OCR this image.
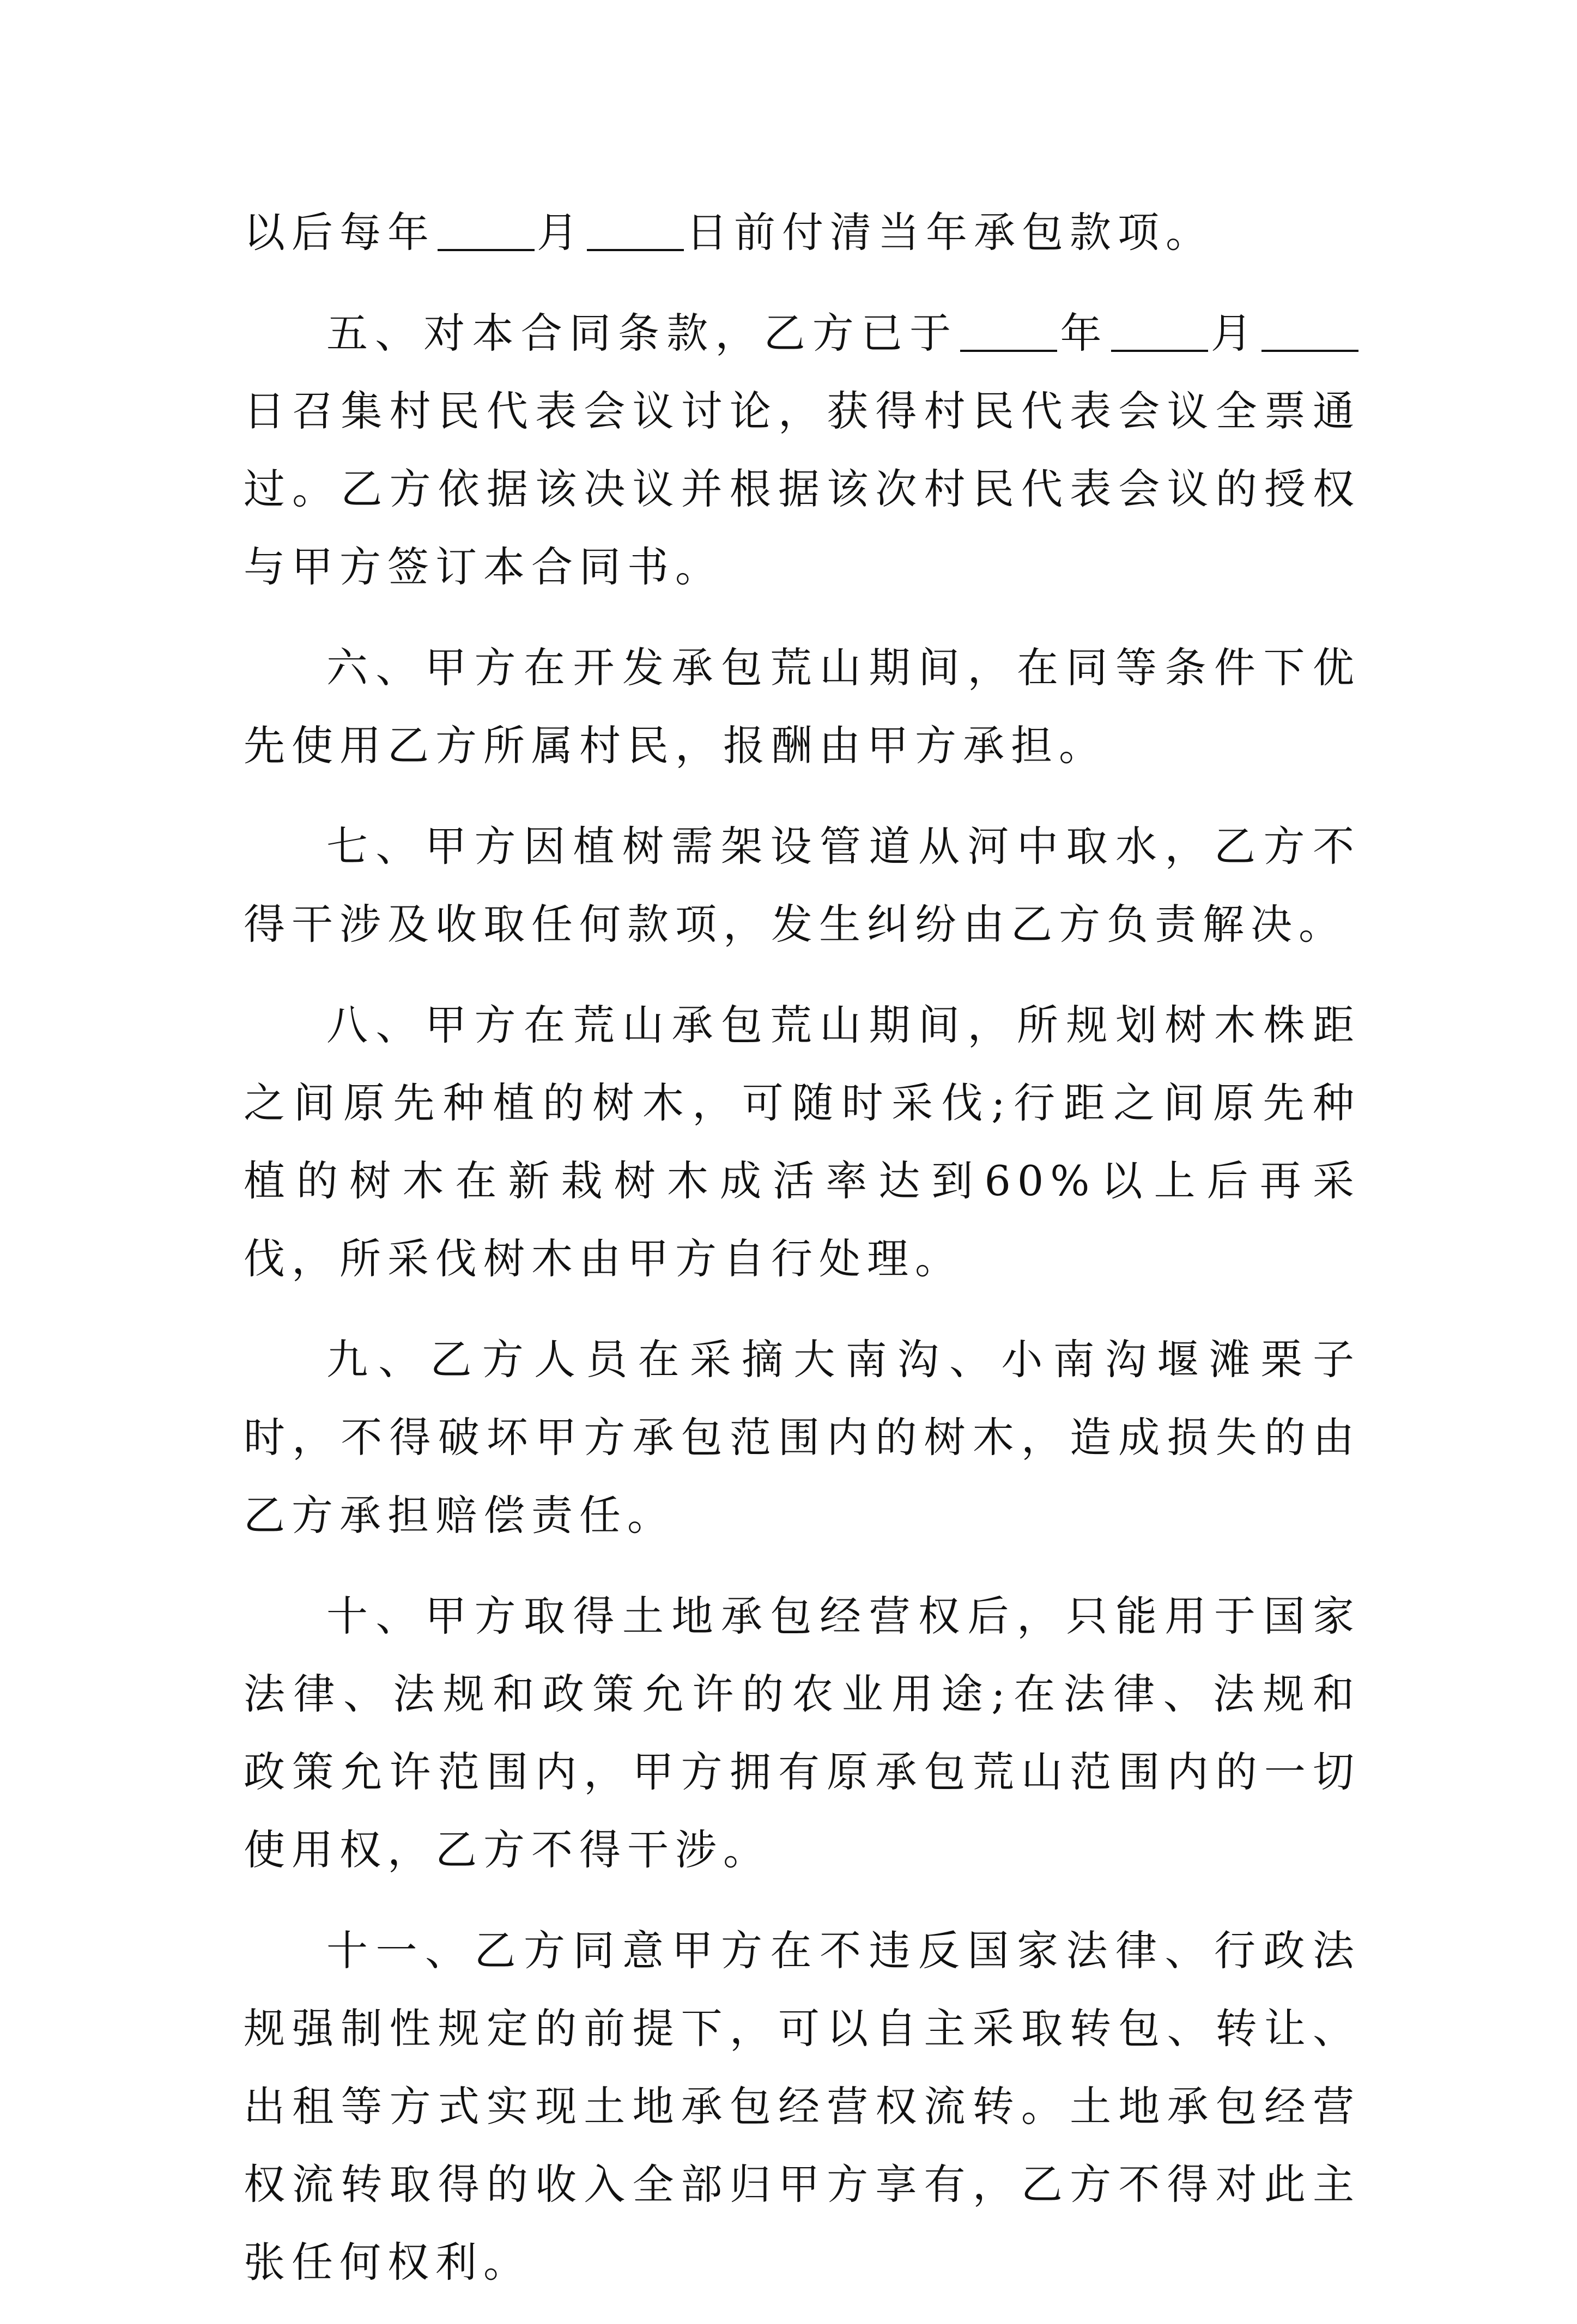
以后每年 月 日前付清当年承包款项。

五、对本合同条款，乙方已于 年 月日召集村民代表会议讨论，获得村民代表会议全票通过。乙方依据该决议并根据该次村民代表会议的授权与甲方签订本合同书。

六、甲方在开发承包荒山期间，在同等条件下优先使用乙方所属村民，报酬由甲方承担。

七、甲方因植树需架设管道从河中取水，乙方不得干涉及收取任何款项，发生纠纷由乙方负责解决。

八、甲方在荒山承包荒山期间，所规划树木株距之间原先种植的树木，可随时采伐;行距之间原先种植的树木在新栽树木成活率达到60%以上后再采伐，所采伐树木由甲方自行处理。

九、乙方人员在采摘大南沟、小南沟堰滩栗子时，不得破坏甲方承包范围内的树木，造成损失的由乙方承担赔偿责任。

十、甲方取得土地承包经营权后，只能用于国家法律、法规和政策允许的农业用途;在法律、法规和政策允许范围内，甲方拥有原承包荒山范围内的一切使用权，乙方不得干涉。

十一、乙方同意甲方在不违反国家法律、行政法规强制性规定的前提下，可以自主采取转包、转让、出租等方式实现土地承包经营权流转。土地承包经营权流转取得的收入全部归甲方享有，乙方不得对此主张任何权利。
